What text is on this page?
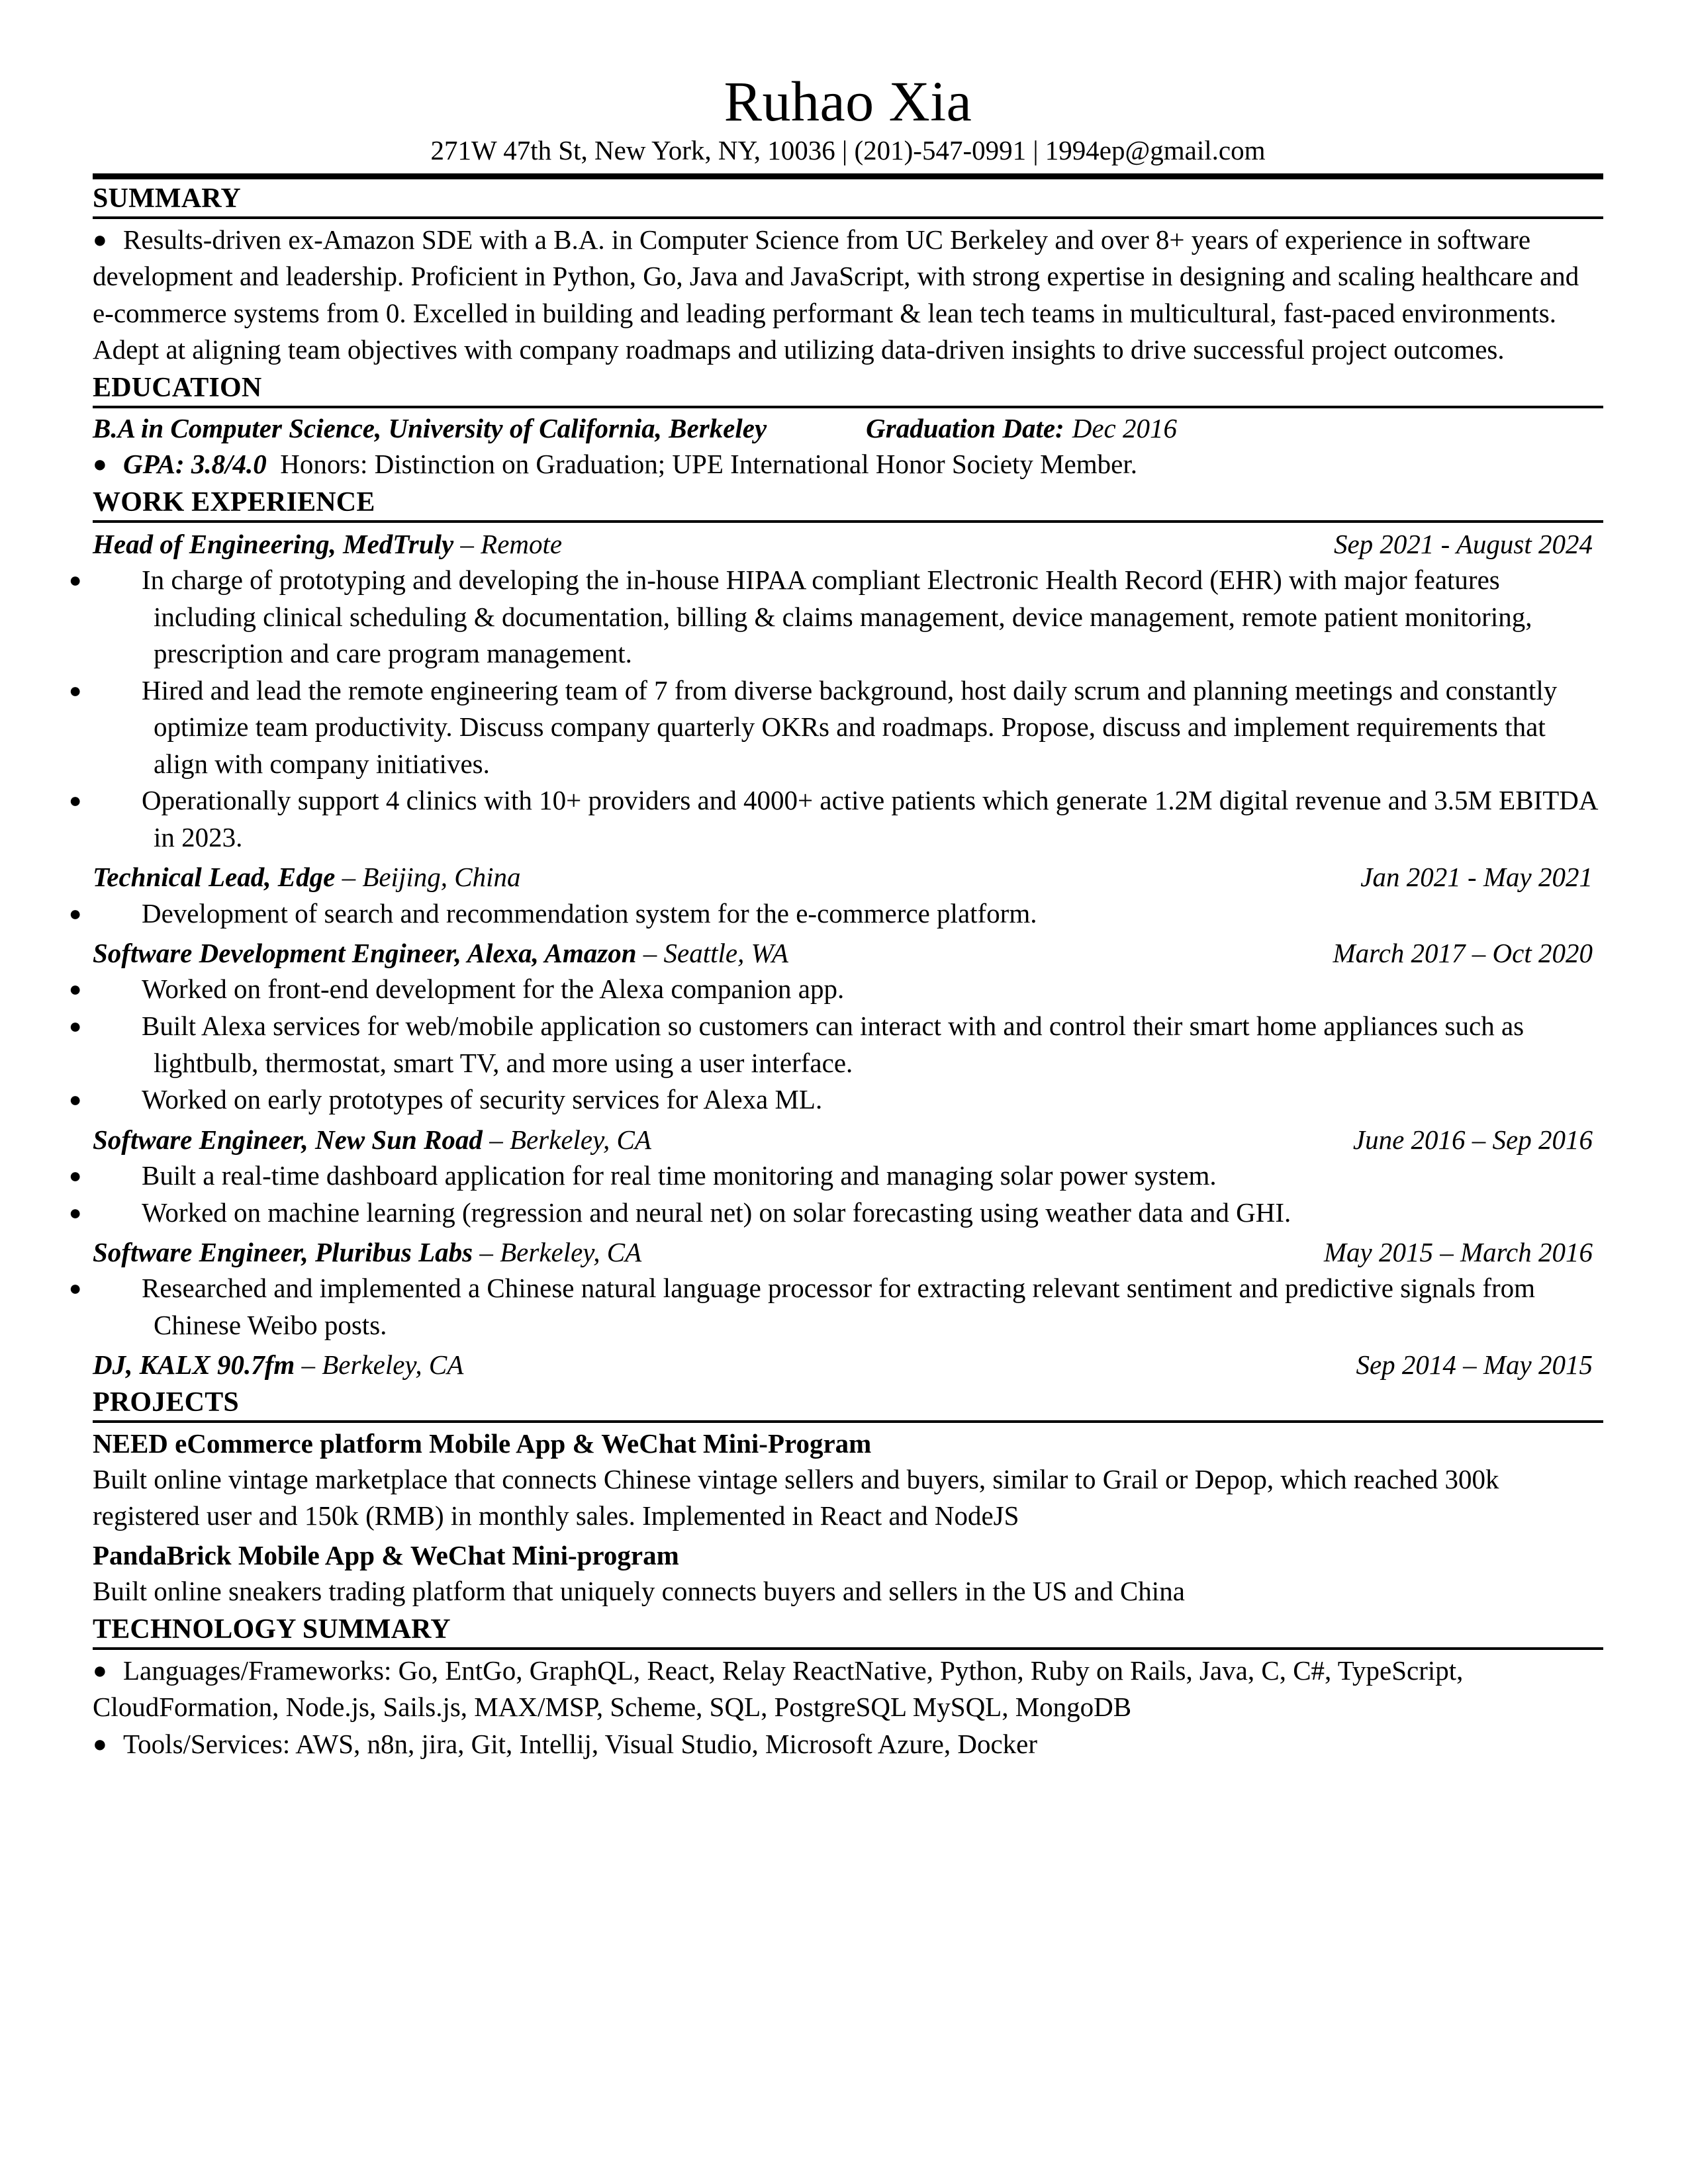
Ruhao Xia
271W 47th St, New York, NY, 10036 | (201)-547-0991 | 1994ep@gmail.com
SUMMARY

● Results-driven ex-Amazon SDE with a B.A. in Computer Science from UC Berkeley and over 8+ years of experience in software development and leadership. Proficient in Python, Go, Java and JavaScript, with strong expertise in designing and scaling healthcare and e-commerce systems from 0. Excelled in building and leading performant & lean tech teams in multicultural, fast-paced environments. Adept at aligning team objectives with company roadmaps and utilizing data-driven insights to drive successful project outcomes.

EDUCATION
B.A in Computer Science, University of California, Berkeley	Graduation Date: Dec 2016

● GPA: 3.8/4.0 Honors: Distinction on Graduation; UPE International Honor Society Member.

WORK EXPERIENCE
Head of Engineering, MedTruly – Remote	Sep 2021 - August 2024

● In charge of prototyping and developing the in-house HIPAA compliant Electronic Health Record (EHR) with major features including clinical scheduling & documentation, billing & claims management, device management, remote patient monitoring, prescription and care program management.

● Hired and lead the remote engineering team of 7 from diverse background, host daily scrum and planning meetings and constantly optimize team productivity. Discuss company quarterly OKRs and roadmaps. Propose, discuss and implement requirements that align with company initiatives.

● Operationally support 4 clinics with 10+ providers and 4000+ active patients which generate 1.2M digital revenue and 3.5M EBITDA in 2023.

Technical Lead, Edge – Beijing, China	Jan 2021 - May 2021

● Development of search and recommendation system for the e-commerce platform.

Software Development Engineer, Alexa, Amazon – Seattle, WA	March 2017 – Oct 2020

● Worked on front-end development for the Alexa companion app.

● Built Alexa services for web/mobile application so customers can interact with and control their smart home appliances such as lightbulb, thermostat, smart TV, and more using a user interface.

● Worked on early prototypes of security services for Alexa ML.

Software Engineer, New Sun Road – Berkeley, CA	June 2016 – Sep 2016

● Built a real-time dashboard application for real time monitoring and managing solar power system.

● Worked on machine learning (regression and neural net) on solar forecasting using weather data and GHI.

Software Engineer, Pluribus Labs – Berkeley, CA	May 2015 – March 2016

● Researched and implemented a Chinese natural language processor for extracting relevant sentiment and predictive signals from Chinese Weibo posts.

DJ, KALX 90.7fm – Berkeley, CA	Sep 2014 – May 2015
PROJECTS
NEED eCommerce platform Mobile App & WeChat Mini-Program

Built online vintage marketplace that connects Chinese vintage sellers and buyers, similar to Grail or Depop, which reached 300k registered user and 150k (RMB) in monthly sales. Implemented in React and NodeJS

PandaBrick Mobile App & WeChat Mini-program

Built online sneakers trading platform that uniquely connects buyers and sellers in the US and China

TECHNOLOGY SUMMARY

● Languages/Frameworks: Go, EntGo, GraphQL, React, Relay ReactNative, Python, Ruby on Rails, Java, C, C#, TypeScript, CloudFormation, Node.js, Sails.js, MAX/MSP, Scheme, SQL, PostgreSQL MySQL, MongoDB

● Tools/Services: AWS, n8n, jira, Git, Intellij, Visual Studio, Microsoft Azure, Docker
